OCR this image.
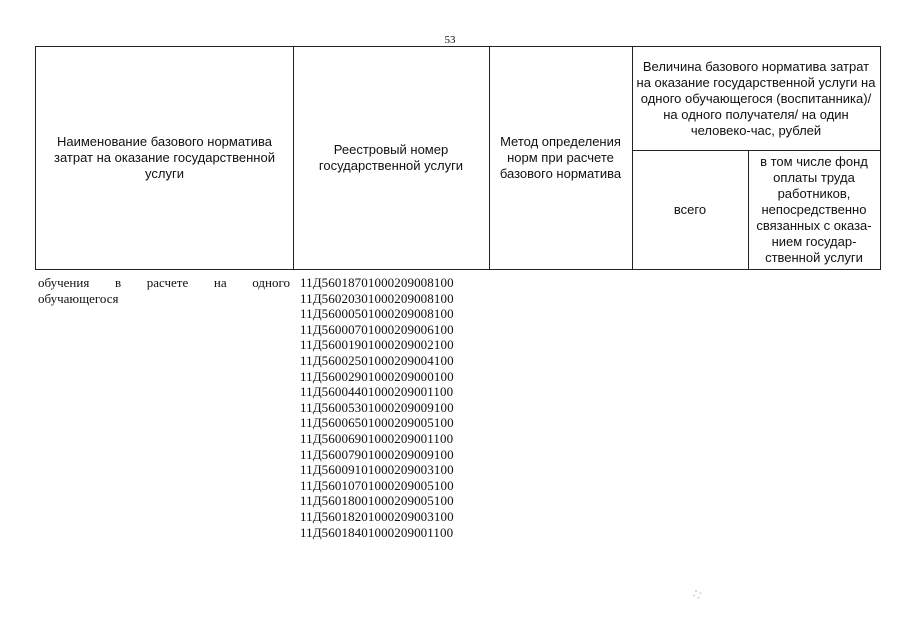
53
Наименование базового норматива затрат на оказание государственной услуги
Реестровый номер государственной услуги
Метод определения норм при расчете базового норматива
Величина базового норматива затрат на оказание государственной услуги на одного обучающегося (воспитанника)/ на одного получателя/ на один человеко-час, рублей
всего
в том числе фонд оплаты труда работников, непосредственно связанных с оказа-нием государ-ственной услуги
обучения в расчете на одного
обучающегося
11Д56018701000209008100
11Д56020301000209008100
11Д56000501000209008100
11Д56000701000209006100
11Д56001901000209002100
11Д56002501000209004100
11Д56002901000209000100
11Д56004401000209001100
11Д56005301000209009100
11Д56006501000209005100
11Д56006901000209001100
11Д56007901000209009100
11Д56009101000209003100
11Д56010701000209005100
11Д56018001000209005100
11Д56018201000209003100
11Д56018401000209001100
⁘
